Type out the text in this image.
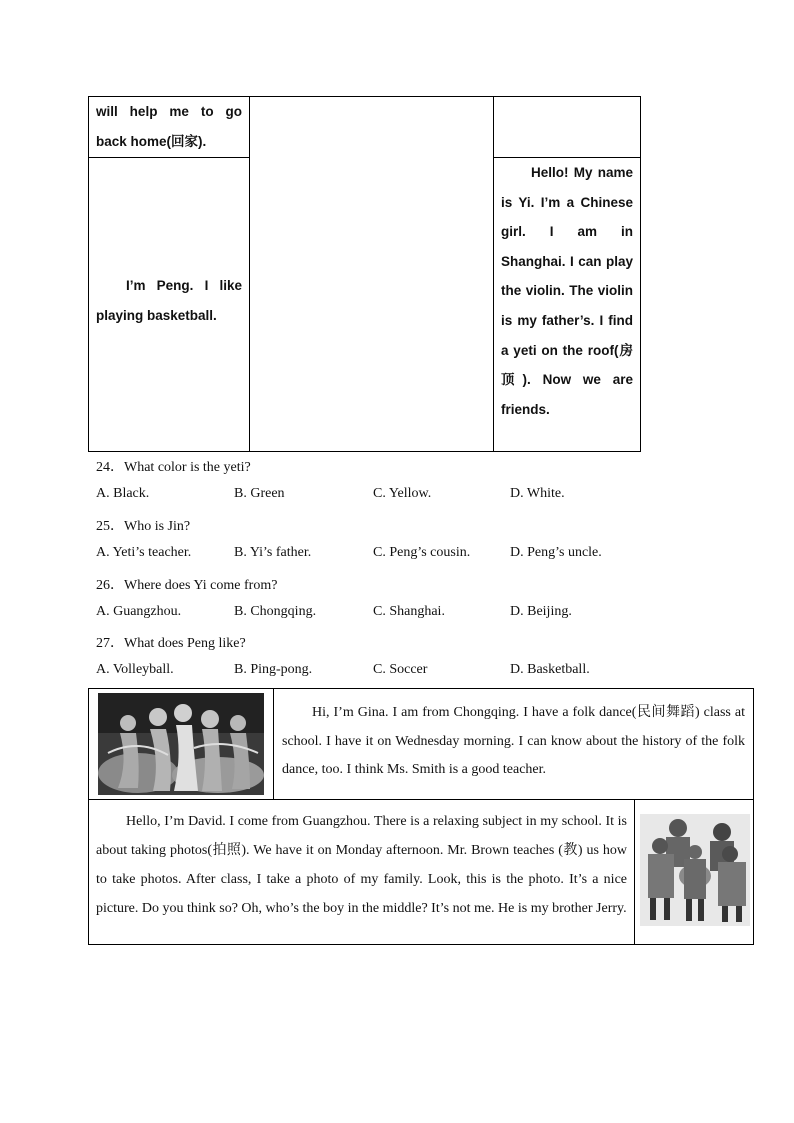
will help me to go
back home(回家).
I’m Peng. I like playing basketball.
Hello! My name is Yi. I’m a Chinese girl. I am in Shanghai. I can play the violin. The violin is my father’s. I find a yeti on the roof(房顶). Now we are friends.
24．What color is the yeti?
A. Black.	B. Green	C. Yellow.	D. White.
25．Who is Jin?
A. Yeti’s teacher.	B. Yi’s father.	C. Peng’s cousin.	D. Peng’s uncle.
26．Where does Yi come from?
A. Guangzhou.	B. Chongqing.	C. Shanghai.	D. Beijing.
27．What does Peng like?
A. Volleyball.	B. Ping-pong.	C. Soccer	D. Basketball.
Hi, I’m Gina. I am from Chongqing. I have a folk dance(民间舞蹈) class at school. I have it on Wednesday morning. I can know about the history of the folk dance, too. I think Ms. Smith is a good teacher.
Hello, I’m David. I come from Guangzhou. There is a relaxing subject in my school. It is about taking photos(拍照). We have it on Monday afternoon. Mr. Brown teaches (教) us how to take photos. After class, I take a photo of my family. Look, this is the photo. It’s a nice picture. Do you think so? Oh, who’s the boy in the middle? It’s not me. He is my brother Jerry.
